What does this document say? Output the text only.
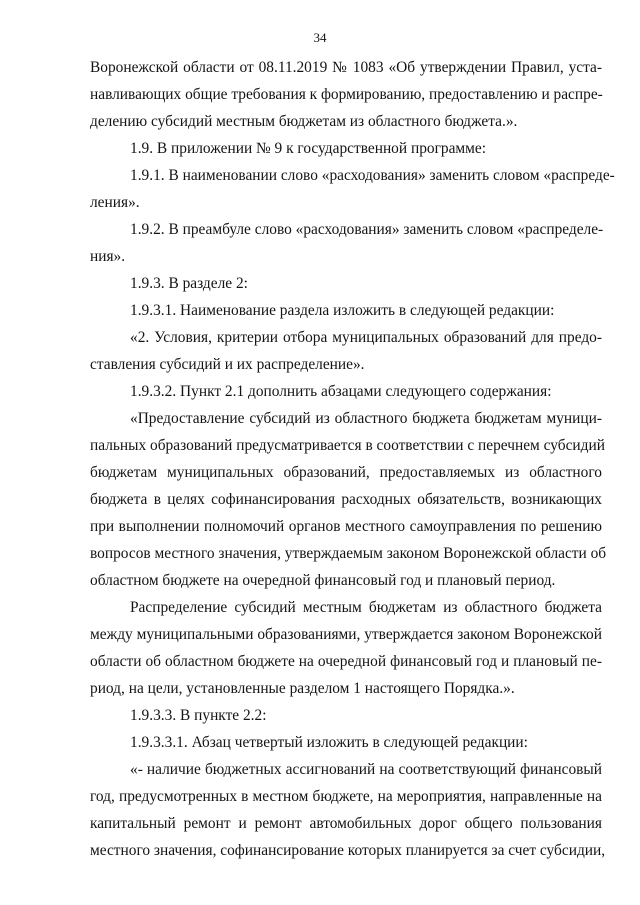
34
Воронежской области от 08.11.2019 № 1083 «Об утверждении Правил, уста-
навливающих общие требования к формированию, предоставлению и распре-
делению субсидий местным бюджетам из областного бюджета.».
1.9. В приложении № 9 к государственной программе:
1.9.1. В наименовании слово «расходования» заменить словом «распреде-
ления».
1.9.2. В преамбуле слово «расходования» заменить словом «распределе-
ния».
1.9.3. В разделе 2:
1.9.3.1. Наименование раздела изложить в следующей редакции:
«2. Условия, критерии отбора муниципальных образований для предо-
ставления субсидий и их распределение».
1.9.3.2. Пункт 2.1 дополнить абзацами следующего содержания:
«Предоставление субсидий из областного бюджета бюджетам муници-
пальных образований предусматривается в соответствии с перечнем субсидий
бюджетам муниципальных образований, предоставляемых из областного
бюджета в целях софинансирования расходных обязательств, возникающих
при выполнении полномочий органов местного самоуправления по решению
вопросов местного значения, утверждаемым законом Воронежской области об
областном бюджете на очередной финансовый год и плановый период.
Распределение субсидий местным бюджетам из областного бюджета
между муниципальными образованиями, утверждается законом Воронежской
области об областном бюджете на очередной финансовый год и плановый пе-
риод, на цели, установленные разделом 1 настоящего Порядка.».
1.9.3.3. В пункте 2.2:
1.9.3.3.1. Абзац четвертый изложить в следующей редакции:
«- наличие бюджетных ассигнований на соответствующий финансовый
год, предусмотренных в местном бюджете, на мероприятия, направленные на
капитальный ремонт и ремонт автомобильных дорог общего пользования
местного значения, софинансирование которых планируется за счет субсидии,
